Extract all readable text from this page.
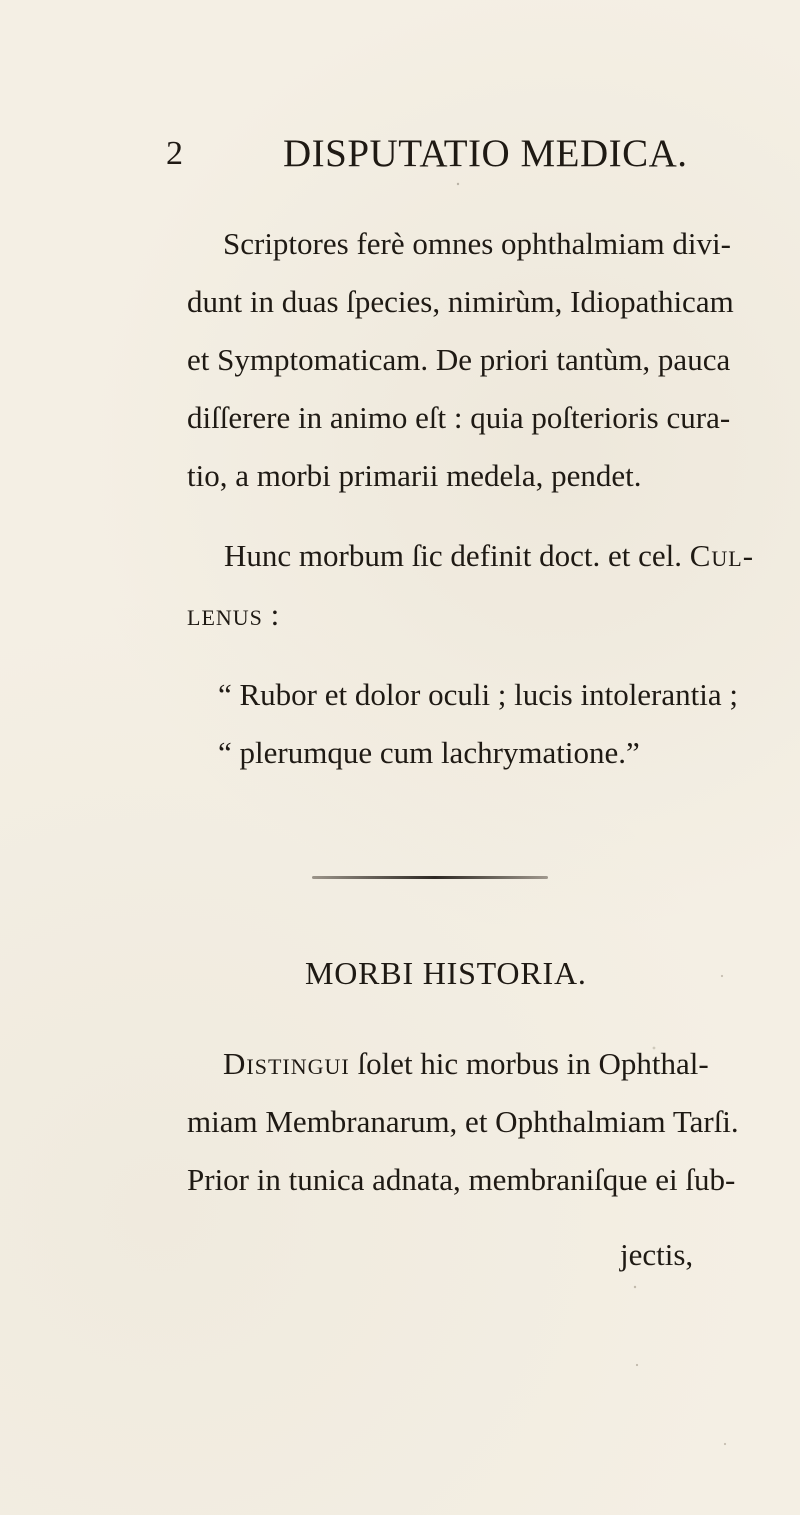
2	DISPUTATIO MEDICA.
Scriptores ferè omnes ophthalmiam divi-
dunt in duas ſpecies, nimirùm, Idiopathicam
et Symptomaticam. De priori tantùm, pauca
diſſerere in animo eſt : quia poſterioris cura-
tio, a morbi primarii medela, pendet.
Hunc morbum ſic definit doct. et cel. Cul-
lenus :
“ Rubor et dolor oculi ; lucis intolerantia ;
“ plerumque cum lachrymatione.”
MORBI HISTORIA.
Distingui ſolet hic morbus in Ophthal-
miam Membranarum, et Ophthalmiam Tarſi.
Prior in tunica adnata, membraniſque ei ſub-
jectis,
